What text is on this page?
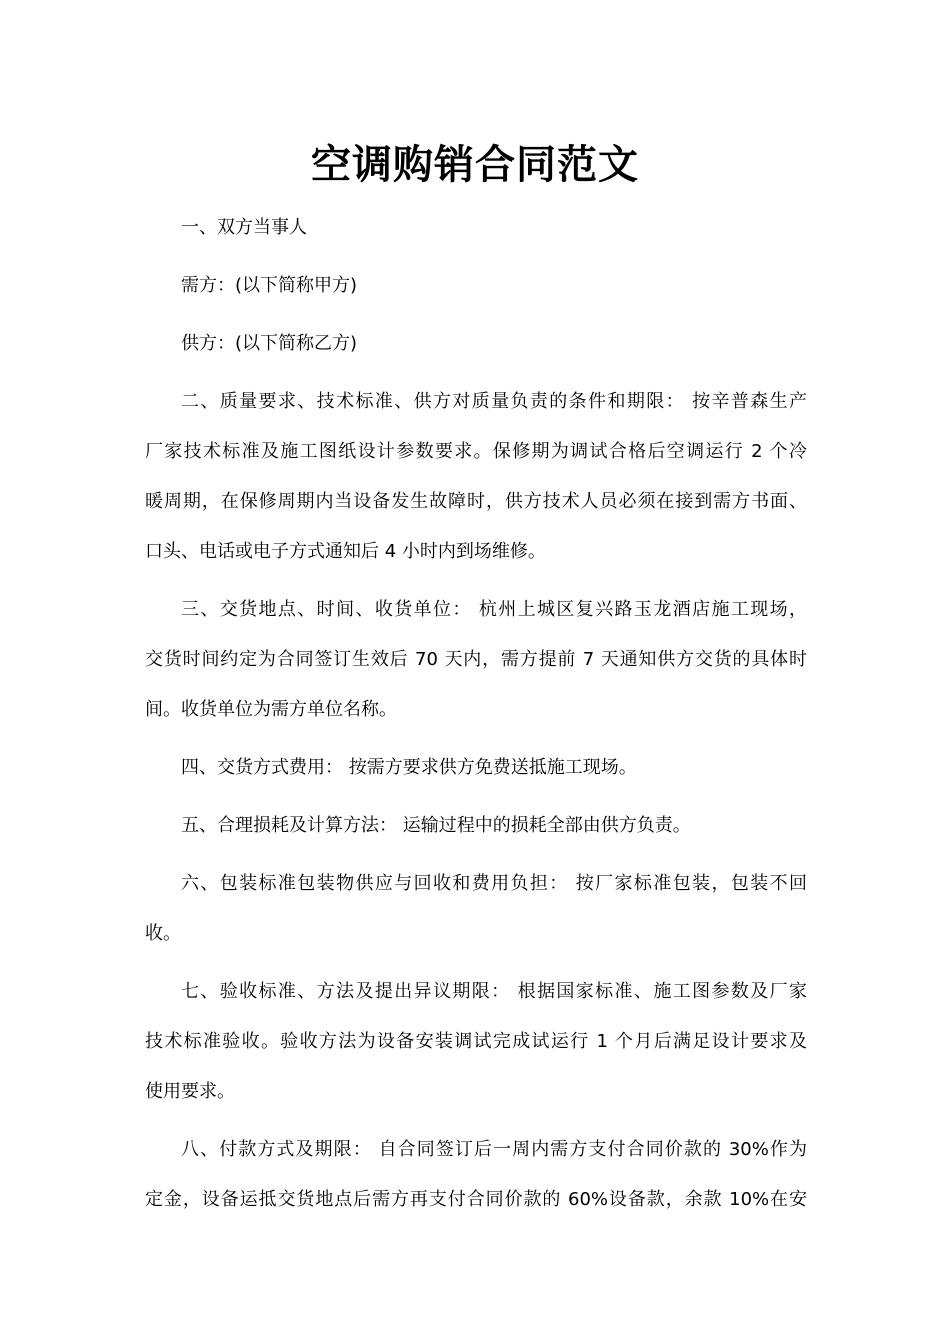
空调购销合同范文
一、双方当事人
需方：(以下简称甲方)
供方：(以下简称乙方)
二、质量要求、技术标准、供方对质量负责的条件和期限： 按辛普森生产
厂家技术标准及施工图纸设计参数要求。保修期为调试合格后空调运行 2 个冷
暖周期，在保修周期内当设备发生故障时，供方技术人员必须在接到需方书面、
口头、电话或电子方式通知后 4 小时内到场维修。
三、交货地点、时间、收货单位： 杭州上城区复兴路玉龙酒店施工现场，
交货时间约定为合同签订生效后 70 天内，需方提前 7 天通知供方交货的具体时
间。收货单位为需方单位名称。
四、交货方式费用： 按需方要求供方免费送抵施工现场。
五、合理损耗及计算方法： 运输过程中的损耗全部由供方负责。
六、包装标准包装物供应与回收和费用负担： 按厂家标准包装，包装不回
收。
七、验收标准、方法及提出异议期限： 根据国家标准、施工图参数及厂家
技术标准验收。验收方法为设备安装调试完成试运行 1 个月后满足设计要求及
使用要求。
八、付款方式及期限： 自合同签订后一周内需方支付合同价款的 30%作为
定金，设备运抵交货地点后需方再支付合同价款的 60%设备款，余款 10%在安
